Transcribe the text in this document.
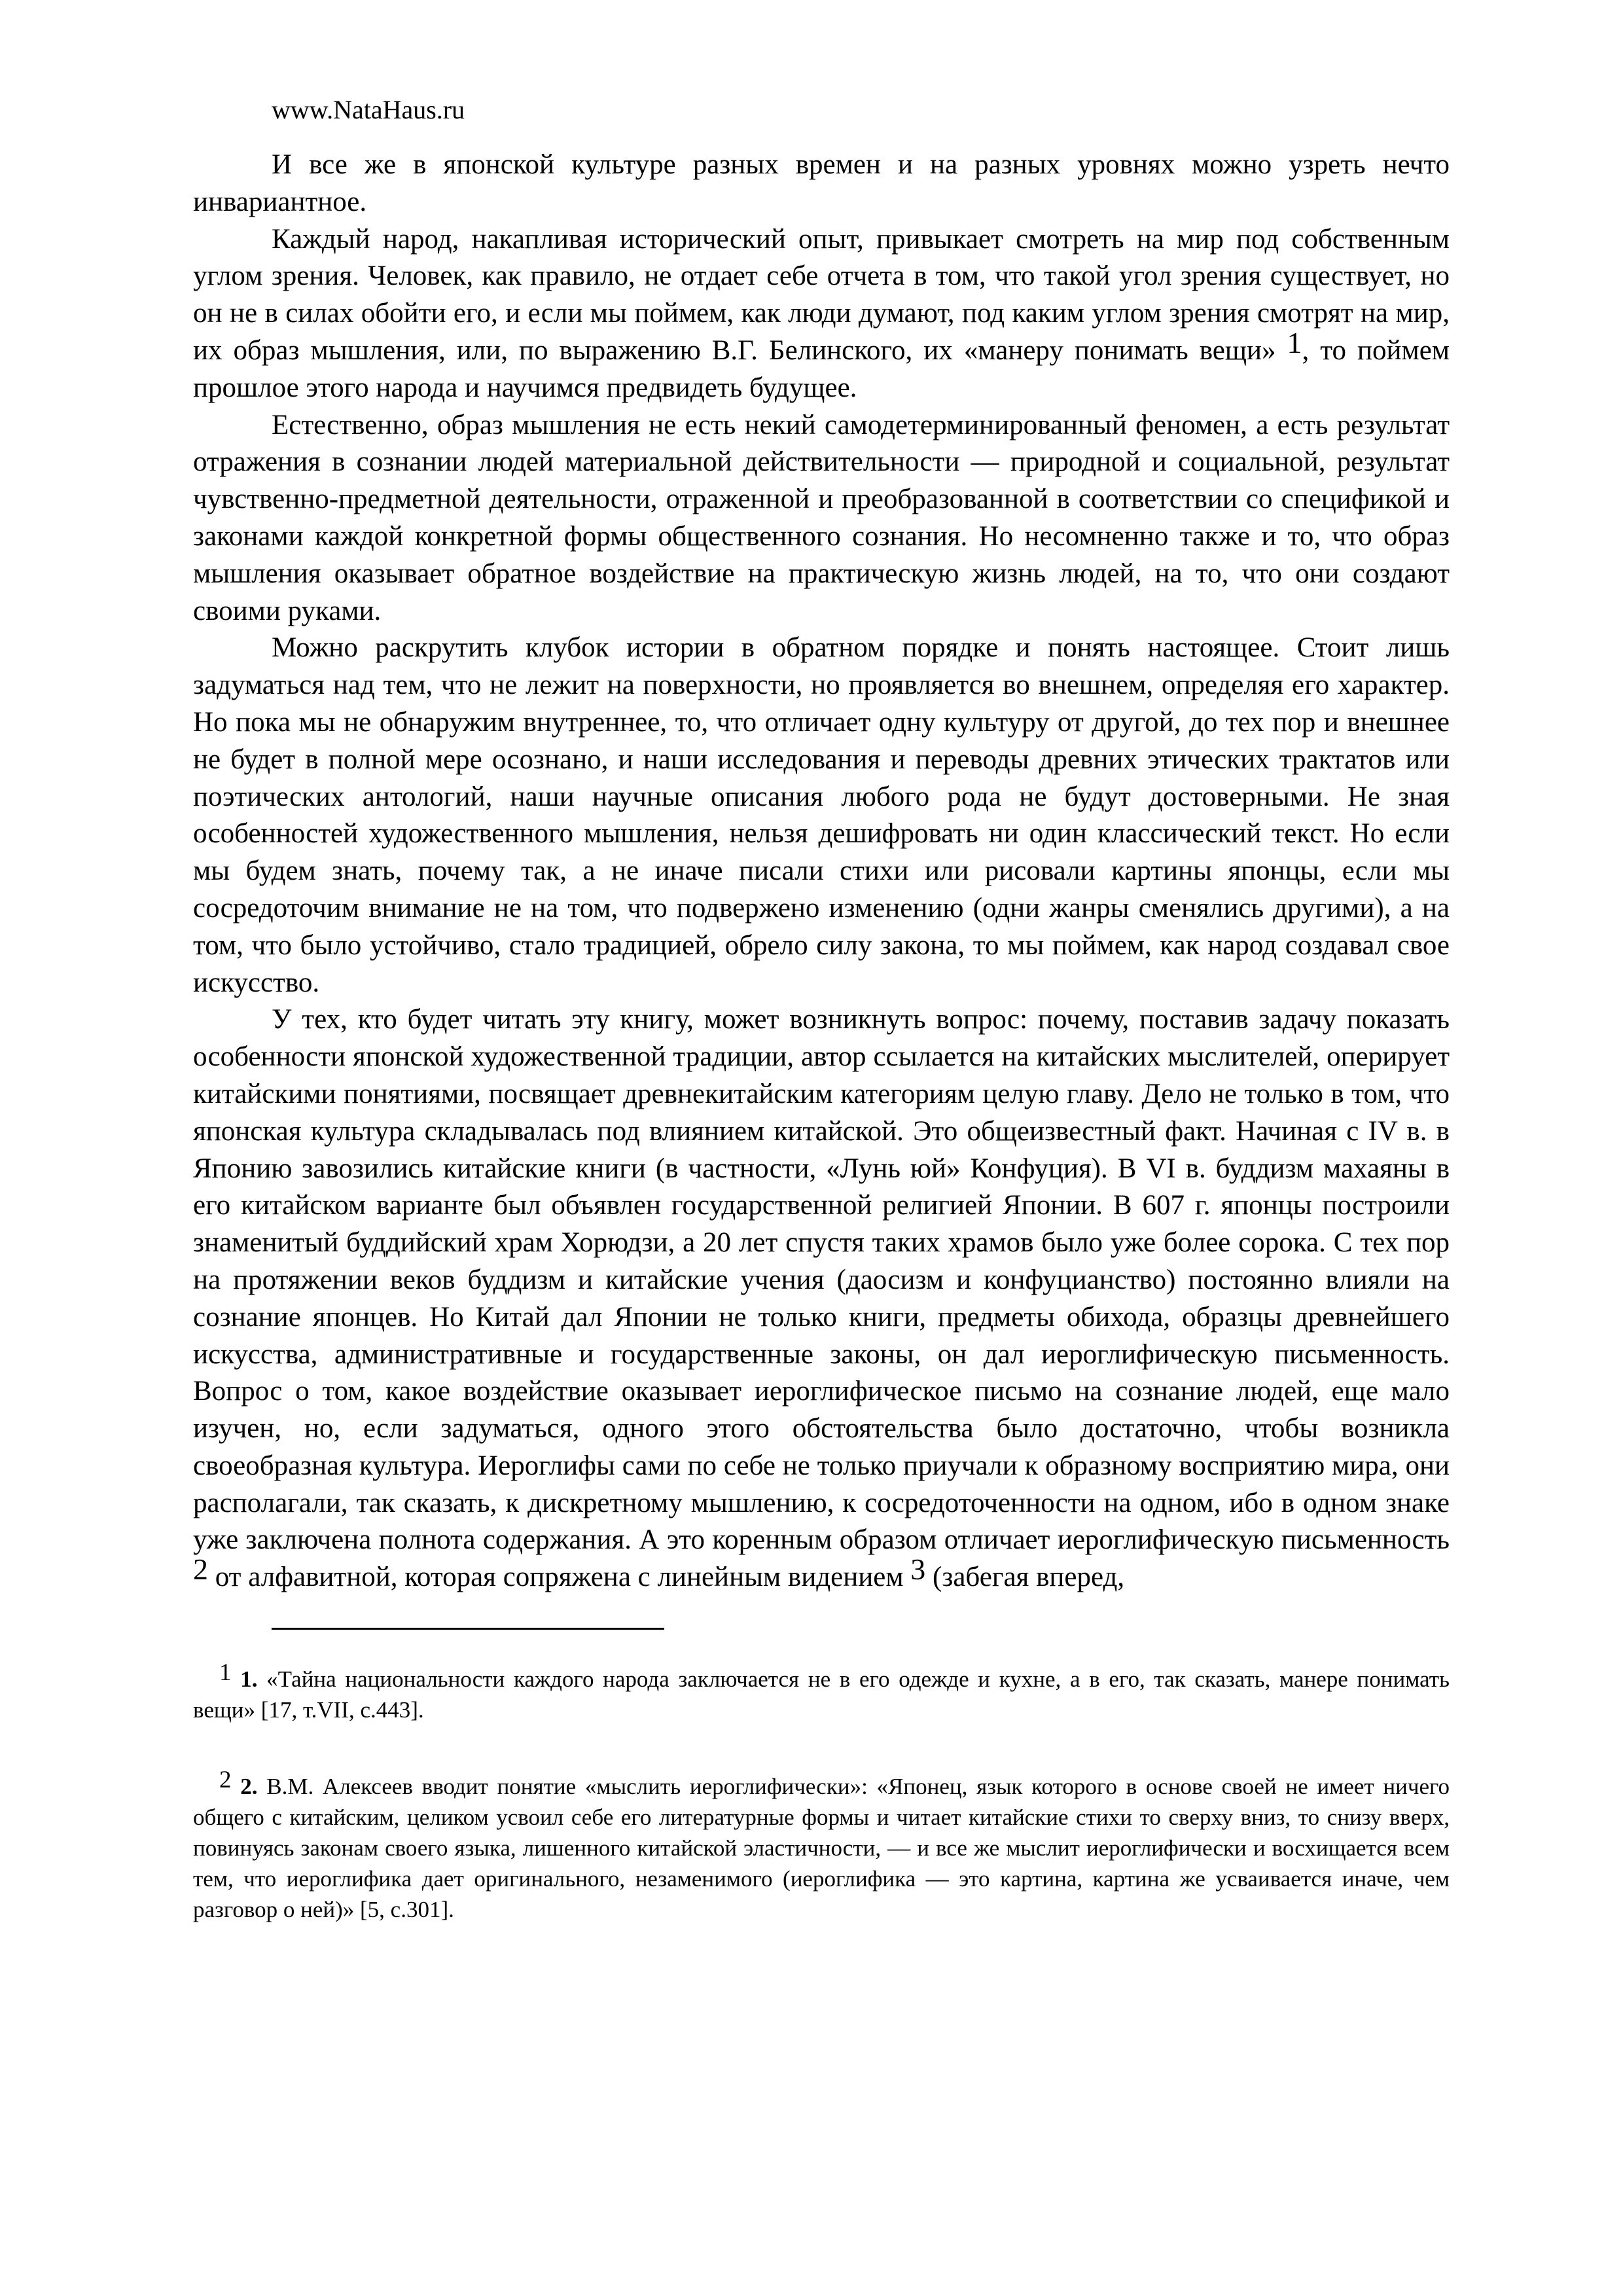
www.NataHaus.ru

И все же в японской культуре разных времен и на разных уровнях можно узреть нечто инвариантное.

Каждый народ, накапливая исторический опыт, привыкает смотреть на мир под собственным углом зрения. Человек, как правило, не отдает себе отчета в том, что такой угол зрения существует, но он не в силах обойти его, и если мы поймем, как люди думают, под каким углом зрения смотрят на мир, их образ мышления, или, по выражению В.Г. Белинского, их «манеру понимать вещи» 1, то поймем прошлое этого народа и научимся предвидеть будущее.

Естественно, образ мышления не есть некий самодетерминированный феномен, а есть результат отражения в сознании людей материальной действительности — природной и социальной, результат чувственно-предметной деятельности, отраженной и преобразованной в соответствии со спецификой и законами каждой конкретной формы общественного сознания. Но несомненно также и то, что образ мышления оказывает обратное воздействие на практическую жизнь людей, на то, что они создают своими руками.

Можно раскрутить клубок истории в обратном порядке и понять настоящее. Стоит лишь задуматься над тем, что не лежит на поверхности, но проявляется во внешнем, определяя его характер. Но пока мы не обнаружим внутреннее, то, что отличает одну культуру от другой, до тех пор и внешнее не будет в полной мере осознано, и наши исследования и переводы древних этических трактатов или поэтических антологий, наши научные описания любого рода не будут достоверными. Не зная особенностей художественного мышления, нельзя дешифровать ни один классический текст. Но если мы будем знать, почему так, а не иначе писали стихи или рисовали картины японцы, если мы сосредоточим внимание не на том, что подвержено изменению (одни жанры сменялись другими), а на том, что было устойчиво, стало традицией, обрело силу закона, то мы поймем, как народ создавал свое искусство.

У тех, кто будет читать эту книгу, может возникнуть вопрос: почему, поставив задачу показать особенности японской художественной традиции, автор ссылается на китайских мыслителей, оперирует китайскими понятиями, посвящает древнекитайским категориям целую главу. Дело не только в том, что японская культура складывалась под влиянием китайской. Это общеизвестный факт. Начиная с IV в. в Японию завозились китайские книги (в частности, «Лунь юй» Конфуция). В VI в. буддизм махаяны в его китайском варианте был объявлен государственной религией Японии. В 607 г. японцы построили знаменитый буддийский храм Хорюдзи, а 20 лет спустя таких храмов было уже более сорока. С тех пор на протяжении веков буддизм и китайские учения (даосизм и конфуцианство) постоянно влияли на сознание японцев. Но Китай дал Японии не только книги, предметы обихода, образцы древнейшего искусства, административные и государственные законы, он дал иероглифическую письменность. Вопрос о том, какое воздействие оказывает иероглифическое письмо на сознание людей, еще мало изучен, но, если задуматься, одного этого обстоятельства было достаточно, чтобы возникла своеобразная культура. Иероглифы сами по себе не только приучали к образному восприятию мира, они располагали, так сказать, к дискретному мышлению, к сосредоточенности на одном, ибо в одном знаке уже заключена полнота содержания. А это коренным образом отличает иероглифическую письменность 2 от алфавитной, которая сопряжена с линейным видением 3 (забегая вперед,

1 1. «Тайна национальности каждого народа заключается не в его одежде и кухне, а в его, так сказать, манере понимать вещи» [17, т.VII, с.443].

2 2. В.М. Алексеев вводит понятие «мыслить иероглифически»: «Японец, язык которого в основе своей не имеет ничего общего с китайским, целиком усвоил себе его литературные формы и читает китайские стихи то сверху вниз, то снизу вверх, повинуясь законам своего языка, лишенного китайской эластичности, — и все же мыслит иероглифически и восхищается всем тем, что иероглифика дает оригинального, незаменимого (иероглифика — это картина, картина же усваивается иначе, чем разговор о ней)» [5, с.301].
